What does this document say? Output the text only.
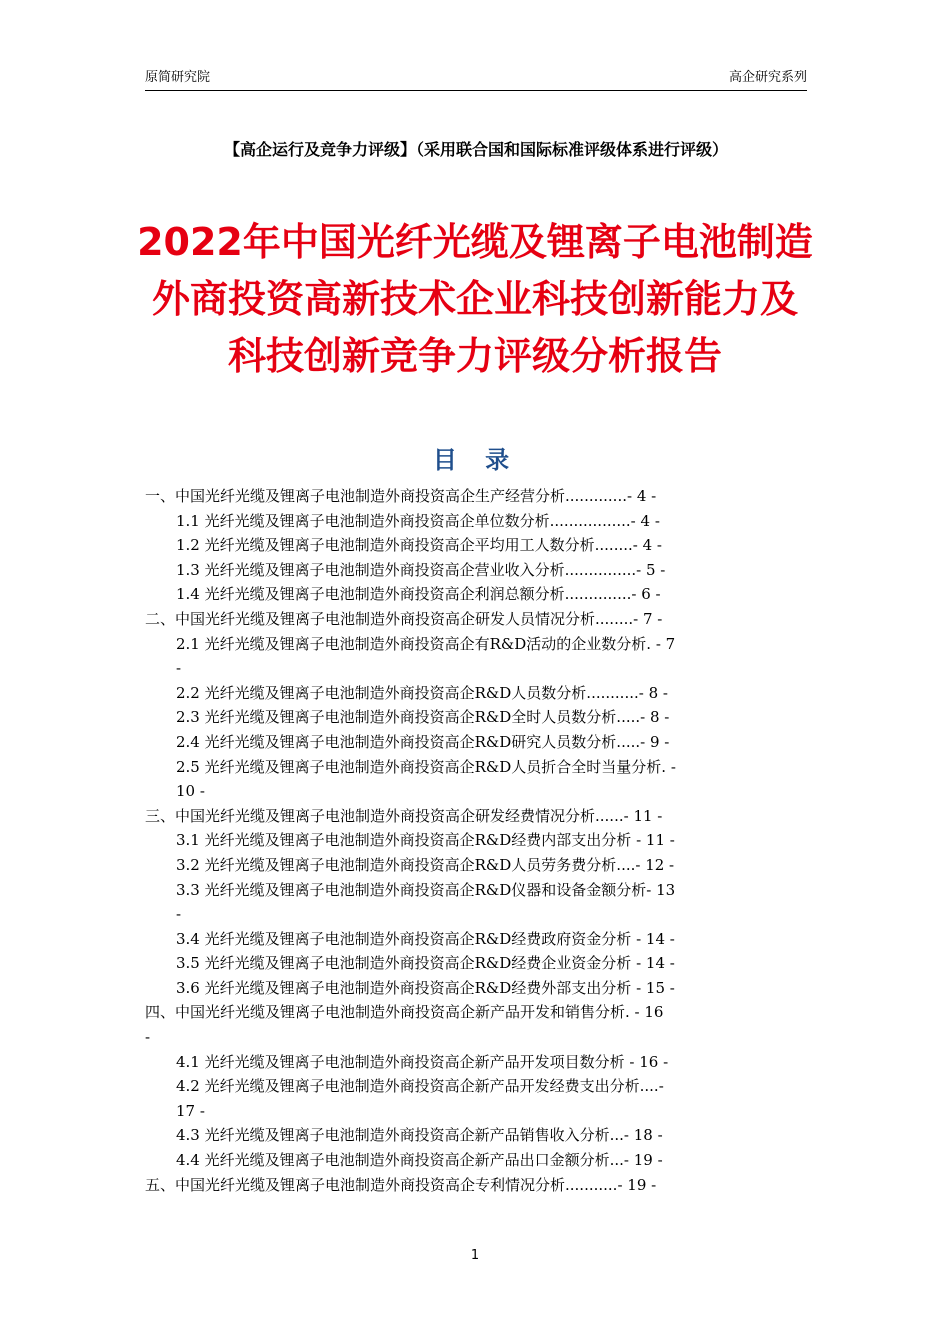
原简研究院	高企研究系列
【高企运行及竞争力评级】（采用联合国和国际标准评级体系进行评级）
2022年中国光纤光缆及锂离子电池制造
外商投资高新技术企业科技创新能力及
科技创新竞争力评级分析报告
目 录
一、中国光纤光缆及锂离子电池制造外商投资高企生产经营分析.............- 4 -
1.1 光纤光缆及锂离子电池制造外商投资高企单位数分析.................- 4 -
1.2 光纤光缆及锂离子电池制造外商投资高企平均用工人数分析........- 4 -
1.3 光纤光缆及锂离子电池制造外商投资高企营业收入分析...............- 5 -
1.4 光纤光缆及锂离子电池制造外商投资高企利润总额分析..............- 6 -
二、中国光纤光缆及锂离子电池制造外商投资高企研发人员情况分析........- 7 -
2.1 光纤光缆及锂离子电池制造外商投资高企有R&D活动的企业数分析. - 7
-
2.2 光纤光缆及锂离子电池制造外商投资高企R&D人员数分析...........- 8 -
2.3 光纤光缆及锂离子电池制造外商投资高企R&D全时人员数分析.....- 8 -
2.4 光纤光缆及锂离子电池制造外商投资高企R&D研究人员数分析.....- 9 -
2.5 光纤光缆及锂离子电池制造外商投资高企R&D人员折合全时当量分析. -
10 -
三、中国光纤光缆及锂离子电池制造外商投资高企研发经费情况分析......- 11 -
3.1 光纤光缆及锂离子电池制造外商投资高企R&D经费内部支出分析 - 11 -
3.2 光纤光缆及锂离子电池制造外商投资高企R&D人员劳务费分析....- 12 -
3.3 光纤光缆及锂离子电池制造外商投资高企R&D仪器和设备金额分析- 13
-
3.4 光纤光缆及锂离子电池制造外商投资高企R&D经费政府资金分析 - 14 -
3.5 光纤光缆及锂离子电池制造外商投资高企R&D经费企业资金分析 - 14 -
3.6 光纤光缆及锂离子电池制造外商投资高企R&D经费外部支出分析 - 15 -
四、中国光纤光缆及锂离子电池制造外商投资高企新产品开发和销售分析. - 16
-
4.1 光纤光缆及锂离子电池制造外商投资高企新产品开发项目数分析 - 16 -
4.2 光纤光缆及锂离子电池制造外商投资高企新产品开发经费支出分析....-
17 -
4.3 光纤光缆及锂离子电池制造外商投资高企新产品销售收入分析...- 18 -
4.4 光纤光缆及锂离子电池制造外商投资高企新产品出口金额分析...- 19 -
五、中国光纤光缆及锂离子电池制造外商投资高企专利情况分析...........- 19 -
1
